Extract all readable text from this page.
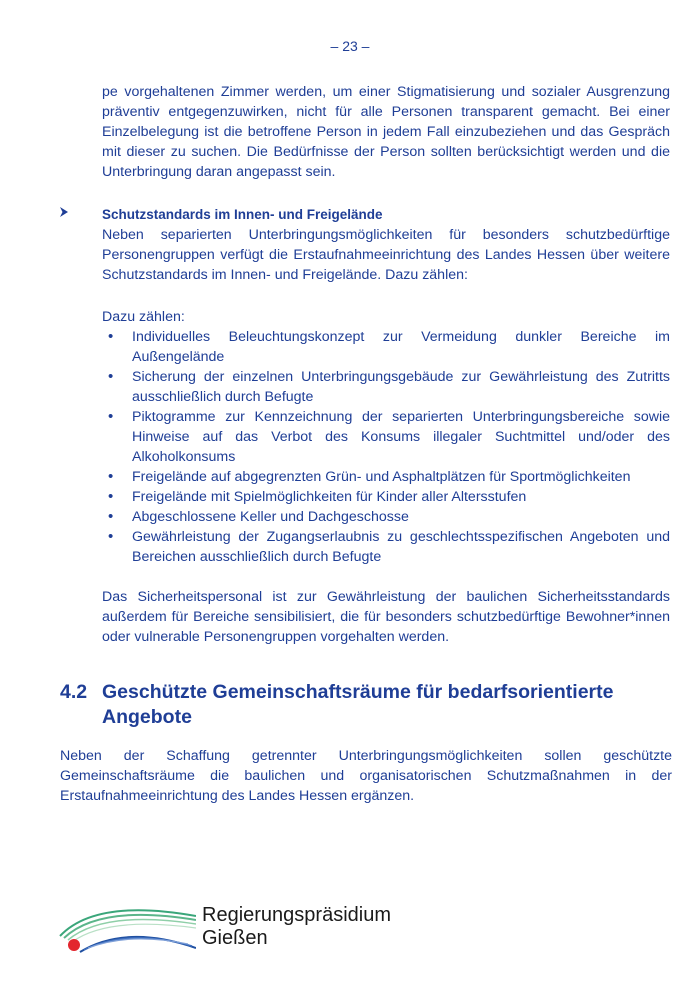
– 23 –

pe vorgehaltenen Zimmer werden, um einer Stigmatisierung und sozialer Ausgrenzung präventiv entgegenzuwirken, nicht für alle Personen transparent gemacht. Bei einer Einzelbelegung ist die betroffene Person in jedem Fall einzubeziehen und das Gespräch mit dieser zu suchen. Die Bedürfnisse der Person sollten berücksichtigt werden und die Unterbringung daran angepasst sein.

Schutzstandards im Innen- und Freigelände

Neben separierten Unterbringungsmöglichkeiten für besonders schutzbedürftige Personengruppen verfügt die Erstaufnahmeeinrichtung des Landes Hessen über weitere Schutzstandards im Innen- und Freigelände. Dazu zählen:

Dazu zählen:

• Individuelles Beleuchtungskonzept zur Vermeidung dunkler Bereiche im Außengelände
• Sicherung der einzelnen Unterbringungsgebäude zur Gewährleistung des Zutritts ausschließlich durch Befugte
• Piktogramme zur Kennzeichnung der separierten Unterbringungsbereiche sowie Hinweise auf das Verbot des Konsums illegaler Suchtmittel und/oder des Alkoholkonsums
• Freigelände auf abgegrenzten Grün- und Asphaltplätzen für Sportmöglichkeiten
• Freigelände mit Spielmöglichkeiten für Kinder aller Altersstufen
• Abgeschlossene Keller und Dachgeschosse
• Gewährleistung der Zugangserlaubnis zu geschlechtsspezifischen Angeboten und Bereichen ausschließlich durch Befugte

Das Sicherheitspersonal ist zur Gewährleistung der baulichen Sicherheitsstandards außerdem für Bereiche sensibilisiert, die für besonders schutzbedürftige Bewohner*innen oder vulnerable Personengruppen vorgehalten werden.

4.2 Geschützte Gemeinschaftsräume für bedarfsorientierte Angebote

Neben der Schaffung getrennter Unterbringungsmöglichkeiten sollen geschützte Gemeinschaftsräume die baulichen und organisatorischen Schutzmaßnahmen in der Erstaufnahmeeinrichtung des Landes Hessen ergänzen.

Regierungspräsidium
Gießen
